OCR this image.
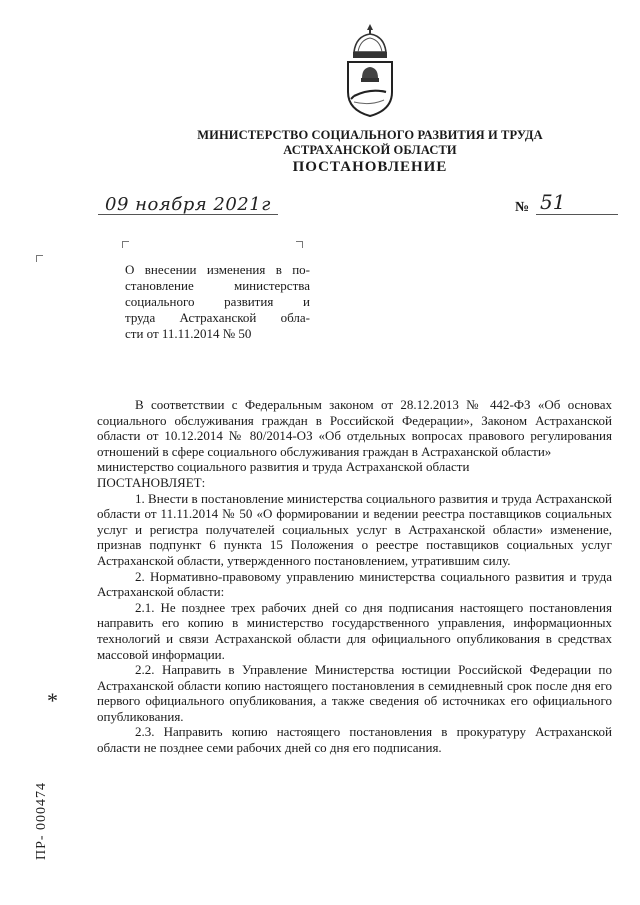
МИНИСТЕРСТВО СОЦИАЛЬНОГО РАЗВИТИЯ И ТРУДА
АСТРАХАНСКОЙ ОБЛАСТИ
ПОСТАНОВЛЕНИЕ
09 ноября 2021г	№ 51
О внесении изменения в по-
становление министерства
социального развития и
труда Астраханской обла-
сти от 11.11.2014 № 50

В соответствии с Федеральным законом от 28.12.2013 № 442-ФЗ «Об основах социального обслуживания граждан в Российской Федерации», Законом Астраханской области от 10.12.2014 № 80/2014-ОЗ «Об отдельных вопросах правового регулирования отношений в сфере социального обслуживания граждан в Астраханской области»

министерство социального развития и труда Астраханской области

ПОСТАНОВЛЯЕТ:

1. Внести в постановление министерства социального развития и труда Астраханской области от 11.11.2014 № 50 «О формировании и ведении реестра поставщиков социальных услуг и регистра получателей социальных услуг в Астраханской области» изменение, признав подпункт 6 пункта 15 Положения о реестре поставщиков социальных услуг Астраханской области, утвержденного постановлением, утратившим силу.

2. Нормативно-правовому управлению министерства социального развития и труда Астраханской области:

2.1. Не позднее трех рабочих дней со дня подписания настоящего постановления направить его копию в министерство государственного управления, информационных технологий и связи Астраханской области для официального опубликования в средствах массовой информации.

2.2. Направить в Управление Министерства юстиции Российской Федерации по Астраханской области копию настоящего постановления в семидневный срок после дня его первого официального опубликования, а также сведения об источниках его официального опубликования.

2.3. Направить копию настоящего постановления в прокуратуру Астраханской области не позднее семи рабочих дней со дня его подписания.

*
ПР- 000474
